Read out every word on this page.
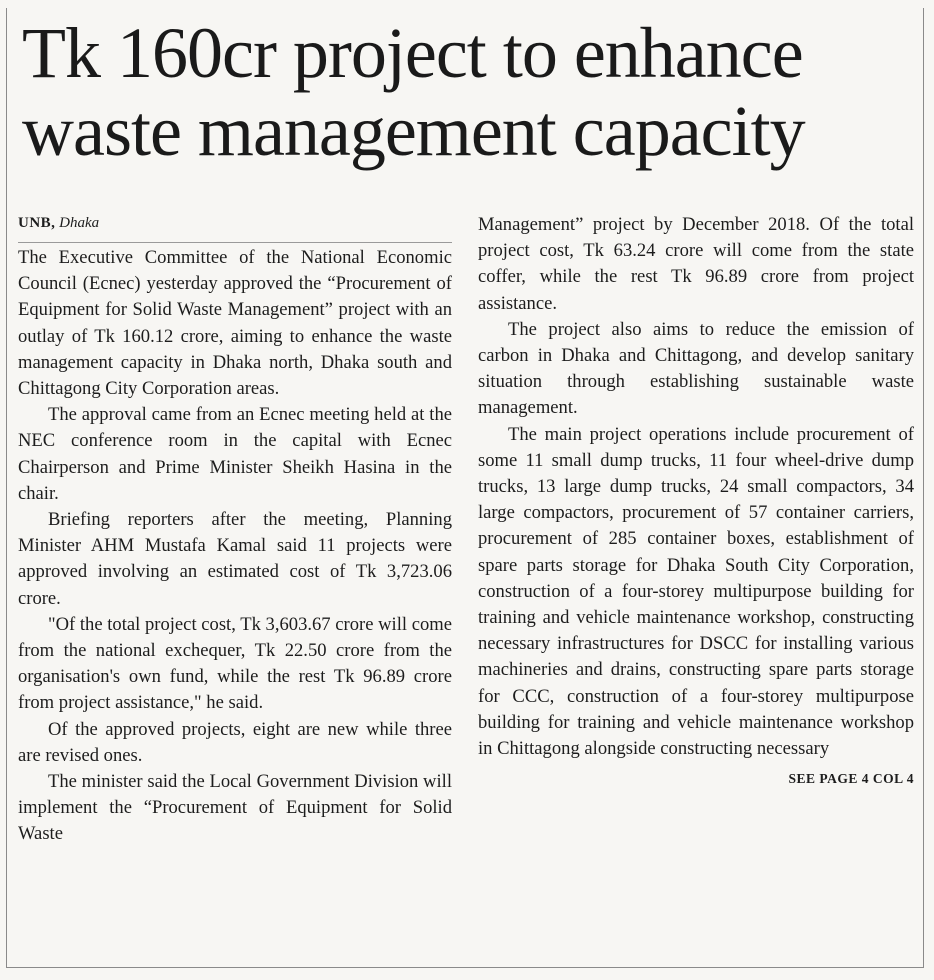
Tk 160cr project to enhance waste management capacity
UNB, Dhaka

The Executive Committee of the National Economic Council (Ecnec) yesterday approved the “Procurement of Equipment for Solid Waste Management” project with an outlay of Tk 160.12 crore, aiming to enhance the waste management capacity in Dhaka north, Dhaka south and Chittagong City Corporation areas.

The approval came from an Ecnec meeting held at the NEC conference room in the capital with Ecnec Chairperson and Prime Minister Sheikh Hasina in the chair.

Briefing reporters after the meeting, Planning Minister AHM Mustafa Kamal said 11 projects were approved involving an estimated cost of Tk 3,723.06 crore.

"Of the total project cost, Tk 3,603.67 crore will come from the national exchequer, Tk 22.50 crore from the organisation's own fund, while the rest Tk 96.89 crore from project assistance," he said.

Of the approved projects, eight are new while three are revised ones.

The minister said the Local Government Division will implement the “Procurement of Equipment for Solid Waste

Management” project by December 2018. Of the total project cost, Tk 63.24 crore will come from the state coffer, while the rest Tk 96.89 crore from project assistance.

The project also aims to reduce the emission of carbon in Dhaka and Chittagong, and develop sanitary situation through establishing sustainable waste management.

The main project operations include procurement of some 11 small dump trucks, 11 four wheel-drive dump trucks, 13 large dump trucks, 24 small compactors, 34 large compactors, procurement of 57 container carriers, procurement of 285 container boxes, establishment of spare parts storage for Dhaka South City Corporation, construction of a four-storey multipurpose building for training and vehicle maintenance workshop, constructing necessary infrastructures for DSCC for installing various machineries and drains, constructing spare parts storage for CCC, construction of a four-storey multipurpose building for training and vehicle maintenance workshop in Chittagong alongside constructing necessary

SEE PAGE 4 COL 4
